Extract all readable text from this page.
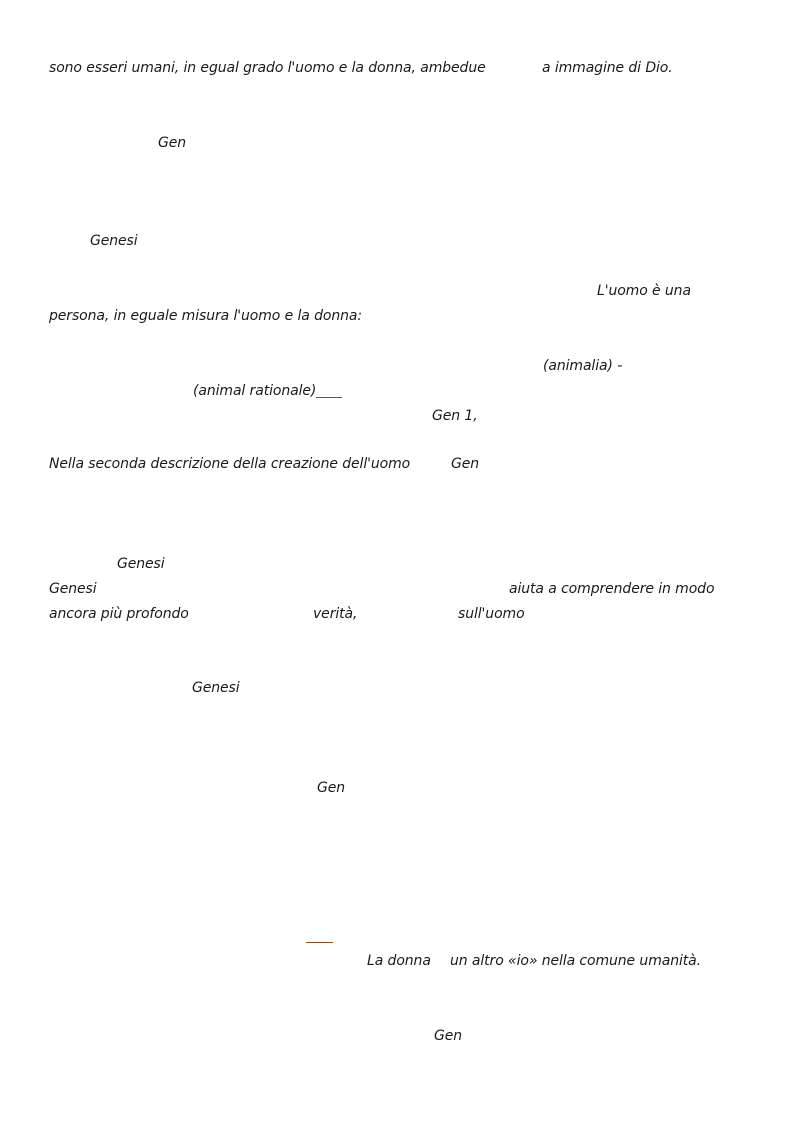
sono esseri umani, in egual grado l'uomo e la donna, ambedue	a immagine di Dio.
Gen
Genesi
L'uomo è una
persona, in eguale misura l'uomo e la donna:
(animalia) -
(animal rationale)
Gen 1,
Nella seconda descrizione della creazione dell'uomo	Gen
Genesi
Genesi	aiuta a comprendere in modo
ancora più profondo	verità,	sull'uomo
Genesi
Gen
La donna un altro «io» nella comune umanità.
Gen
